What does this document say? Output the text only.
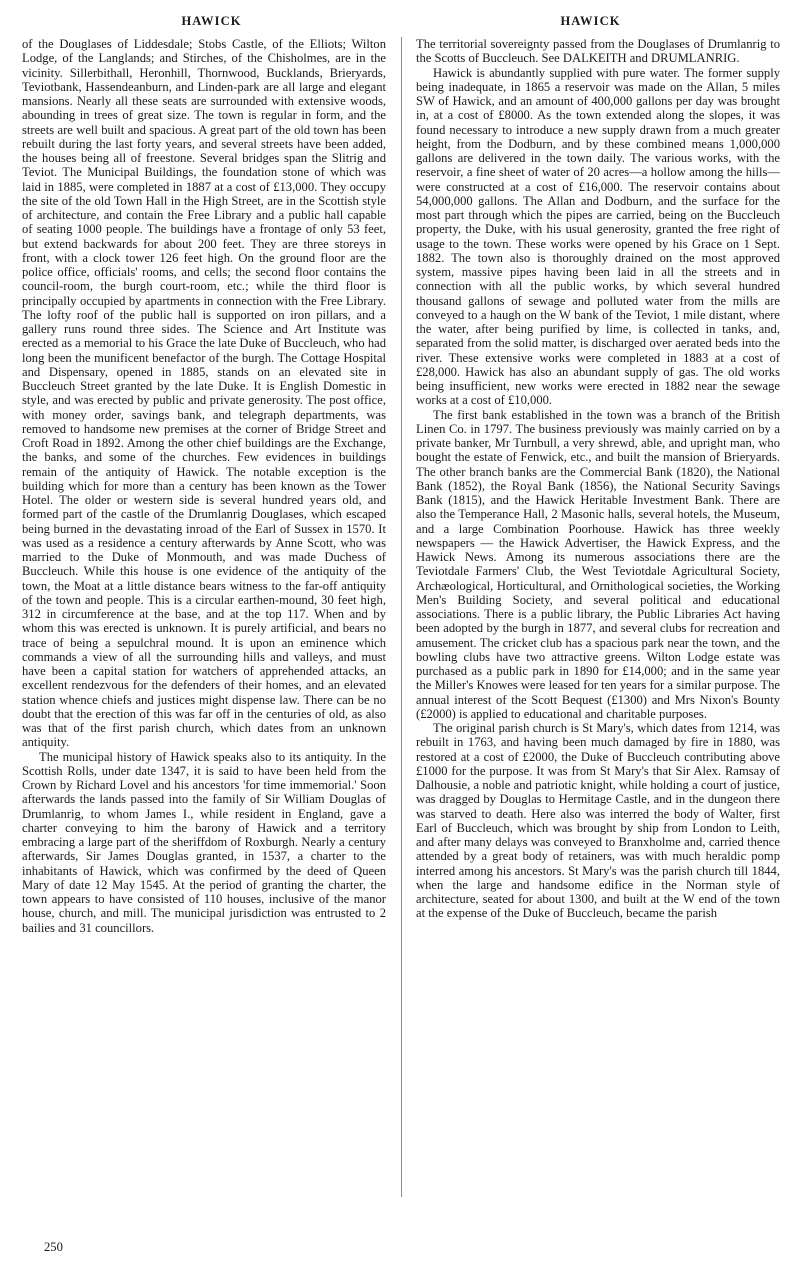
HAWICK	HAWICK

of the Douglases of Liddesdale; Stobs Castle, of the Elliots; Wilton Lodge, of the Langlands; and Stirches, of the Chisholmes, are in the vicinity. Sillerbithall, Heronhill, Thornwood, Bucklands, Brieryards, Teviotbank, Hassendeanburn, and Linden-park are all large and elegant mansions. Nearly all these seats are surrounded with extensive woods, abounding in trees of great size. The town is regular in form, and the streets are well built and spacious. A great part of the old town has been rebuilt during the last forty years, and several streets have been added, the houses being all of freestone. Several bridges span the Slitrig and Teviot. The Municipal Buildings, the foundation stone of which was laid in 1885, were completed in 1887 at a cost of £13,000. They occupy the site of the old Town Hall in the High Street, are in the Scottish style of architecture, and contain the Free Library and a public hall capable of seating 1000 people. The buildings have a frontage of only 53 feet, but extend backwards for about 200 feet. They are three storeys in front, with a clock tower 126 feet high. On the ground floor are the police office, officials' rooms, and cells; the second floor contains the council-room, the burgh court-room, etc.; while the third floor is principally occupied by apartments in connection with the Free Library. The lofty roof of the public hall is supported on iron pillars, and a gallery runs round three sides. The Science and Art Institute was erected as a memorial to his Grace the late Duke of Buccleuch, who had long been the munificent benefactor of the burgh. The Cottage Hospital and Dispensary, opened in 1885, stands on an elevated site in Buccleuch Street granted by the late Duke. It is English Domestic in style, and was erected by public and private generosity. The post office, with money order, savings bank, and telegraph departments, was removed to handsome new premises at the corner of Bridge Street and Croft Road in 1892. Among the other chief buildings are the Exchange, the banks, and some of the churches. Few evidences in buildings remain of the antiquity of Hawick. The notable exception is the building which for more than a century has been known as the Tower Hotel. The older or western side is several hundred years old, and formed part of the castle of the Drumlanrig Douglases, which escaped being burned in the devastating inroad of the Earl of Sussex in 1570. It was used as a residence a century afterwards by Anne Scott, who was married to the Duke of Monmouth, and was made Duchess of Buccleuch. While this house is one evidence of the antiquity of the town, the Moat at a little distance bears witness to the far-off antiquity of the town and people. This is a circular earthen-mound, 30 feet high, 312 in circumference at the base, and at the top 117. When and by whom this was erected is unknown. It is purely artificial, and bears no trace of being a sepulchral mound. It is upon an eminence which commands a view of all the surrounding hills and valleys, and must have been a capital station for watchers of apprehended attacks, an excellent rendezvous for the defenders of their homes, and an elevated station whence chiefs and justices might dispense law. There can be no doubt that the erection of this was far off in the centuries of old, as also was that of the first parish church, which dates from an unknown antiquity.

The municipal history of Hawick speaks also to its antiquity. In the Scottish Rolls, under date 1347, it is said to have been held from the Crown by Richard Lovel and his ancestors 'for time immemorial.' Soon afterwards the lands passed into the family of Sir William Douglas of Drumlanrig, to whom James I., while resident in England, gave a charter conveying to him the barony of Hawick and a territory embracing a large part of the sheriffdom of Roxburgh. Nearly a century afterwards, Sir James Douglas granted, in 1537, a charter to the inhabitants of Hawick, which was confirmed by the deed of Queen Mary of date 12 May 1545. At the period of granting the charter, the town appears to have consisted of 110 houses, inclusive of the manor house, church, and mill. The municipal jurisdiction was entrusted to 2 bailies and 31 councillors.

The territorial sovereignty passed from the Douglases of Drumlanrig to the Scotts of Buccleuch. See DALKEITH and DRUMLANRIG.

Hawick is abundantly supplied with pure water. The former supply being inadequate, in 1865 a reservoir was made on the Allan, 5 miles SW of Hawick, and an amount of 400,000 gallons per day was brought in, at a cost of £8000. As the town extended along the slopes, it was found necessary to introduce a new supply drawn from a much greater height, from the Dodburn, and by these combined means 1,000,000 gallons are delivered in the town daily. The various works, with the reservoir, a fine sheet of water of 20 acres—a hollow among the hills—were constructed at a cost of £16,000. The reservoir contains about 54,000,000 gallons. The Allan and Dodburn, and the surface for the most part through which the pipes are carried, being on the Buccleuch property, the Duke, with his usual generosity, granted the free right of usage to the town. These works were opened by his Grace on 1 Sept. 1882. The town also is thoroughly drained on the most approved system, massive pipes having been laid in all the streets and in connection with all the public works, by which several hundred thousand gallons of sewage and polluted water from the mills are conveyed to a haugh on the W bank of the Teviot, 1 mile distant, where the water, after being purified by lime, is collected in tanks, and, separated from the solid matter, is discharged over aerated beds into the river. These extensive works were completed in 1883 at a cost of £28,000. Hawick has also an abundant supply of gas. The old works being insufficient, new works were erected in 1882 near the sewage works at a cost of £10,000.

The first bank established in the town was a branch of the British Linen Co. in 1797. The business previously was mainly carried on by a private banker, Mr Turnbull, a very shrewd, able, and upright man, who bought the estate of Fenwick, etc., and built the mansion of Brieryards. The other branch banks are the Commercial Bank (1820), the National Bank (1852), the Royal Bank (1856), the National Security Savings Bank (1815), and the Hawick Heritable Investment Bank. There are also the Temperance Hall, 2 Masonic halls, several hotels, the Museum, and a large Combination Poorhouse. Hawick has three weekly newspapers — the Hawick Advertiser, the Hawick Express, and the Hawick News. Among its numerous associations there are the Teviotdale Farmers' Club, the West Teviotdale Agricultural Society, Archæological, Horticultural, and Ornithological societies, the Working Men's Building Society, and several political and educational associations. There is a public library, the Public Libraries Act having been adopted by the burgh in 1877, and several clubs for recreation and amusement. The cricket club has a spacious park near the town, and the bowling clubs have two attractive greens. Wilton Lodge estate was purchased as a public park in 1890 for £14,000; and in the same year the Miller's Knowes were leased for ten years for a similar purpose. The annual interest of the Scott Bequest (£1300) and Mrs Nixon's Bounty (£2000) is applied to educational and charitable purposes.

The original parish church is St Mary's, which dates from 1214, was rebuilt in 1763, and having been much damaged by fire in 1880, was restored at a cost of £2000, the Duke of Buccleuch contributing above £1000 for the purpose. It was from St Mary's that Sir Alex. Ramsay of Dalhousie, a noble and patriotic knight, while holding a court of justice, was dragged by Douglas to Hermitage Castle, and in the dungeon there was starved to death. Here also was interred the body of Walter, first Earl of Buccleuch, which was brought by ship from London to Leith, and after many delays was conveyed to Branxholme and, carried thence attended by a great body of retainers, was with much heraldic pomp interred among his ancestors. St Mary's was the parish church till 1844, when the large and handsome edifice in the Norman style of architecture, seated for about 1300, and built at the W end of the town at the expense of the Duke of Buccleuch, became the parish

250
